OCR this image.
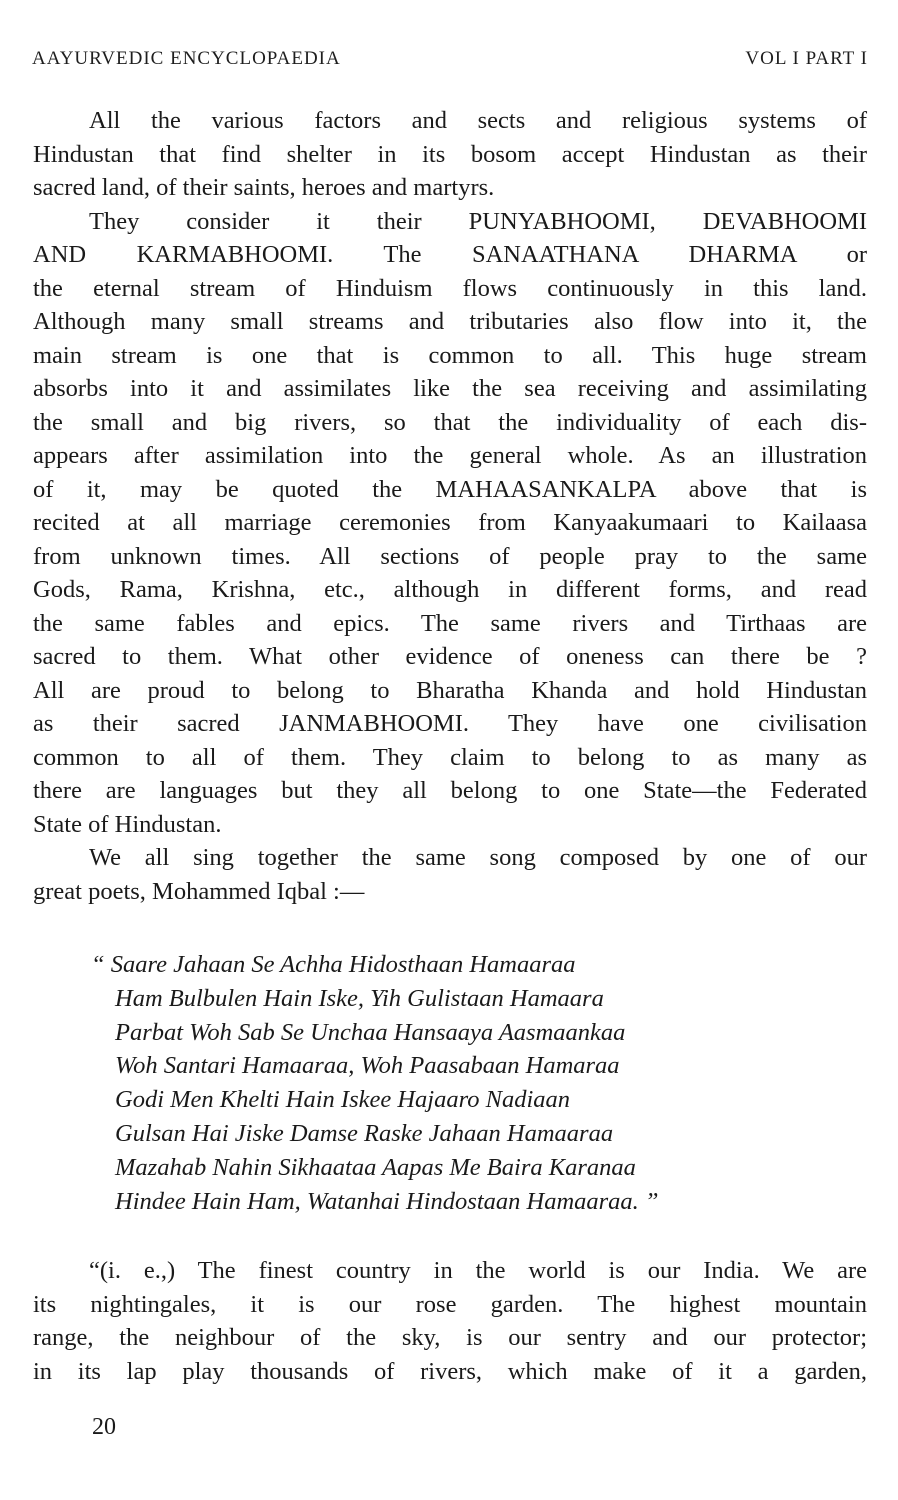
AAYURVEDIC ENCYCLOPAEDIA	VOL I PART I

All the various factors and sects and religious systems of
Hindustan that find shelter in its bosom accept Hindustan as their
sacred land, of their saints, heroes and martyrs.

They consider it their PUNYABHOOMI, DEVABHOOMI
AND KARMABHOOMI. The SANAATHANA DHARMA or
the eternal stream of Hinduism flows continuously in this land.
Although many small streams and tributaries also flow into it, the
main stream is one that is common to all. This huge stream
absorbs into it and assimilates like the sea receiving and assimilating
the small and big rivers, so that the individuality of each dis-
appears after assimilation into the general whole. As an illustration
of it, may be quoted the MAHAASANKALPA above that is
recited at all marriage ceremonies from Kanyaakumaari to Kailaasa
from unknown times. All sections of people pray to the same
Gods, Rama, Krishna, etc., although in different forms, and read
the same fables and epics. The same rivers and Tirthaas are
sacred to them. What other evidence of oneness can there be ?
All are proud to belong to Bharatha Khanda and hold Hindustan
as their sacred JANMABHOOMI. They have one civilisation
common to all of them. They claim to belong to as many as
there are languages but they all belong to one State—the Federated
State of Hindustan.

We all sing together the same song composed by one of our
great poets, Mohammed Iqbal :—

“ Saare Jahaan Se Achha Hidosthaan Hamaaraa
Ham Bulbulen Hain Iske, Yih Gulistaan Hamaara
Parbat Woh Sab Se Unchaa Hansaaya Aasmaankaa
Woh Santari Hamaaraa, Woh Paasabaan Hamaraa
Godi Men Khelti Hain Iskee Hajaaro Nadiaan
Gulsan Hai Jiske Damse Raske Jahaan Hamaaraa
Mazahab Nahin Sikhaataa Aapas Me Baira Karanaa
Hindee Hain Ham, Watanhai Hindostaan Hamaaraa. ”

“(i. e.,) The finest country in the world is our India. We are
its nightingales, it is our rose garden. The highest mountain
range, the neighbour of the sky, is our sentry and our protector;
in its lap play thousands of rivers, which make of it a garden,

20
